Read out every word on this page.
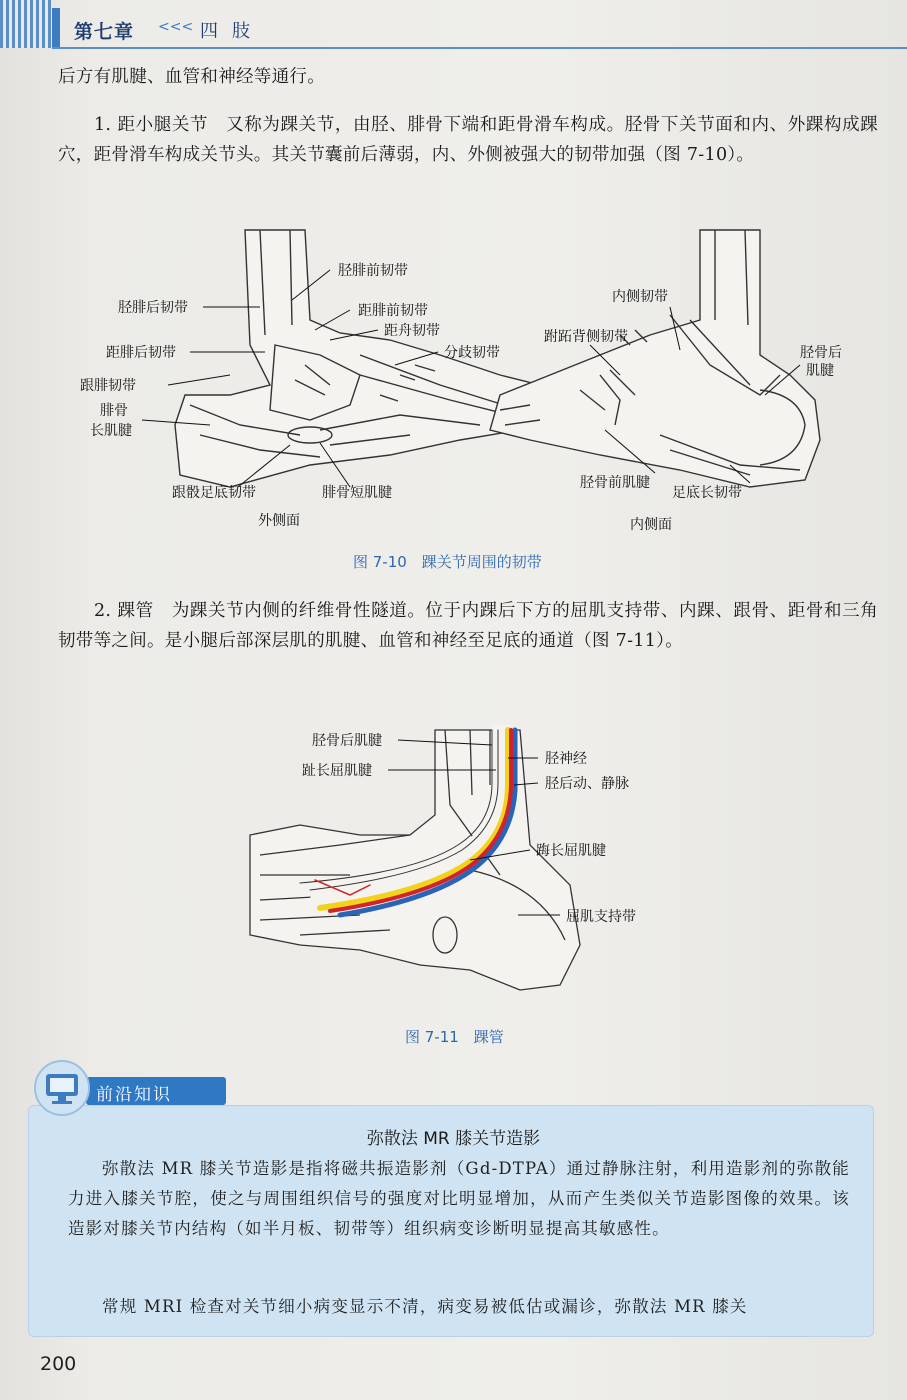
第七章 <<< 四肢
后方有肌腱、血管和神经等通行。
1. 距小腿关节　又称为踝关节，由胫、腓骨下端和距骨滑车构成。胫骨下关节面和内、外踝构成踝穴，距骨滑车构成关节头。其关节囊前后薄弱，内、外侧被强大的韧带加强（图 7-10）。
胫腓前韧带
胫腓后韧带	距腓前韧带
距舟韧带
距腓后韧带	分歧韧带
跟腓韧带
腓骨
长肌腱
跟骰足底韧带	腓骨短肌腱
外侧面
内侧韧带
跗跖背侧韧带
胫骨后
肌腱
胫骨前肌腱
足底长韧带
内侧面
图 7-10　踝关节周围的韧带
2. 踝管　为踝关节内侧的纤维骨性隧道。位于内踝后下方的屈肌支持带、内踝、跟骨、距骨和三角韧带等之间。是小腿后部深层肌的肌腱、血管和神经至足底的通道（图 7-11）。
胫骨后肌腱
趾长屈肌腱
胫神经
胫后动、静脉
踇长屈肌腱
屈肌支持带
图 7-11　踝管
前沿知识
弥散法 MR 膝关节造影
弥散法 MR 膝关节造影是指将磁共振造影剂（Gd-DTPA）通过静脉注射，利用造影剂的弥散能力进入膝关节腔，使之与周围组织信号的强度对比明显增加，从而产生类似关节造影图像的效果。该造影对膝关节内结构（如半月板、韧带等）组织病变诊断明显提高其敏感性。
常规 MRI 检查对关节细小病变显示不清，病变易被低估或漏诊，弥散法 MR 膝关
200
